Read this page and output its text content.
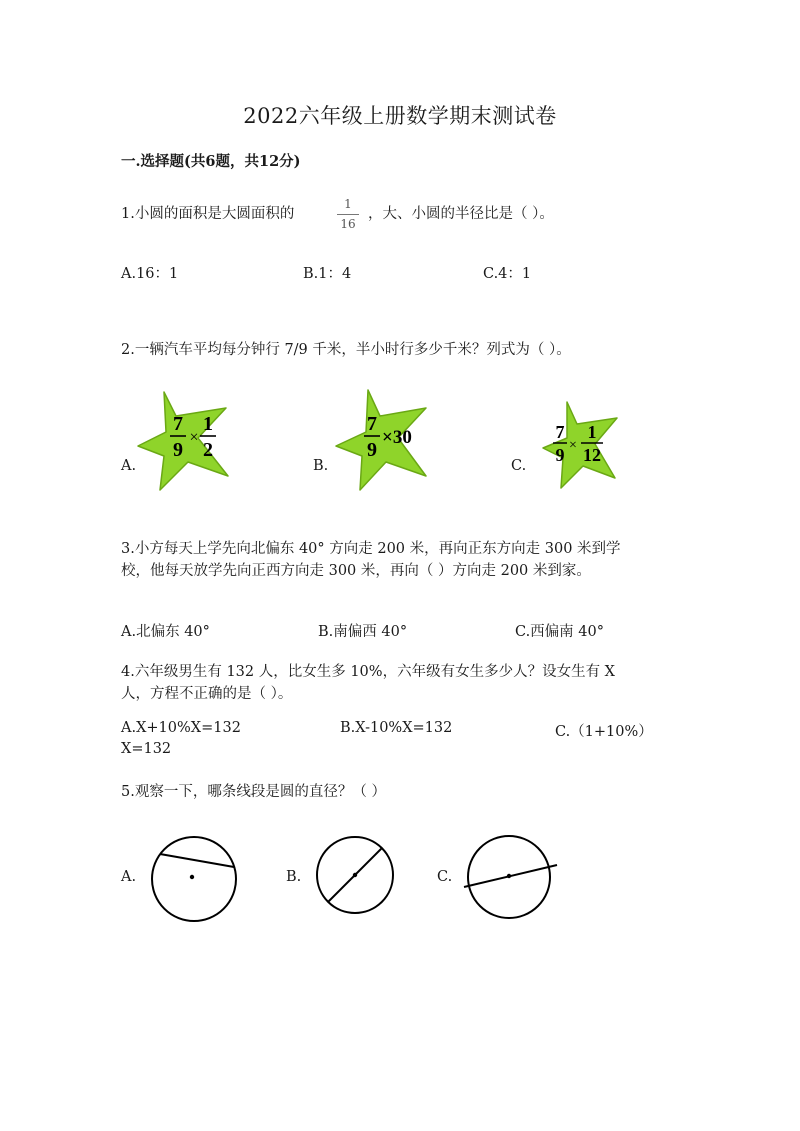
2022六年级上册数学期末测试卷
一.选择题(共6题，共12分)
1.小圆的面积是大圆面积的
1
16
，大、小圆的半径比是（ ）。
A.16：1	B.1：4	C.4：1
2.一辆汽车平均每分钟行 7/9 千米，半小时行多少千米？列式为（ ）。
A.	B.	C.
7
9
×
1
2
7
9
×30	7
9 ×
1
12
3.小方每天上学先向北偏东 40° 方向走 200 米，再向正东方向走 300 米到学
校，他每天放学先向正西方向走 300 米，再向（ ）方向走 200 米到家。
A.北偏东 40°	B.南偏西 40°	C.西偏南 40°
4.六年级男生有 132 人，比女生多 10%，六年级有女生多少人？设女生有 X
人，方程不正确的是（ ）。
A.X+10%X=132	B.X-10%X=132	C.（1+10%）
X=132
5.观察一下，哪条线段是圆的直径？（ ）
A.	B.	C.
